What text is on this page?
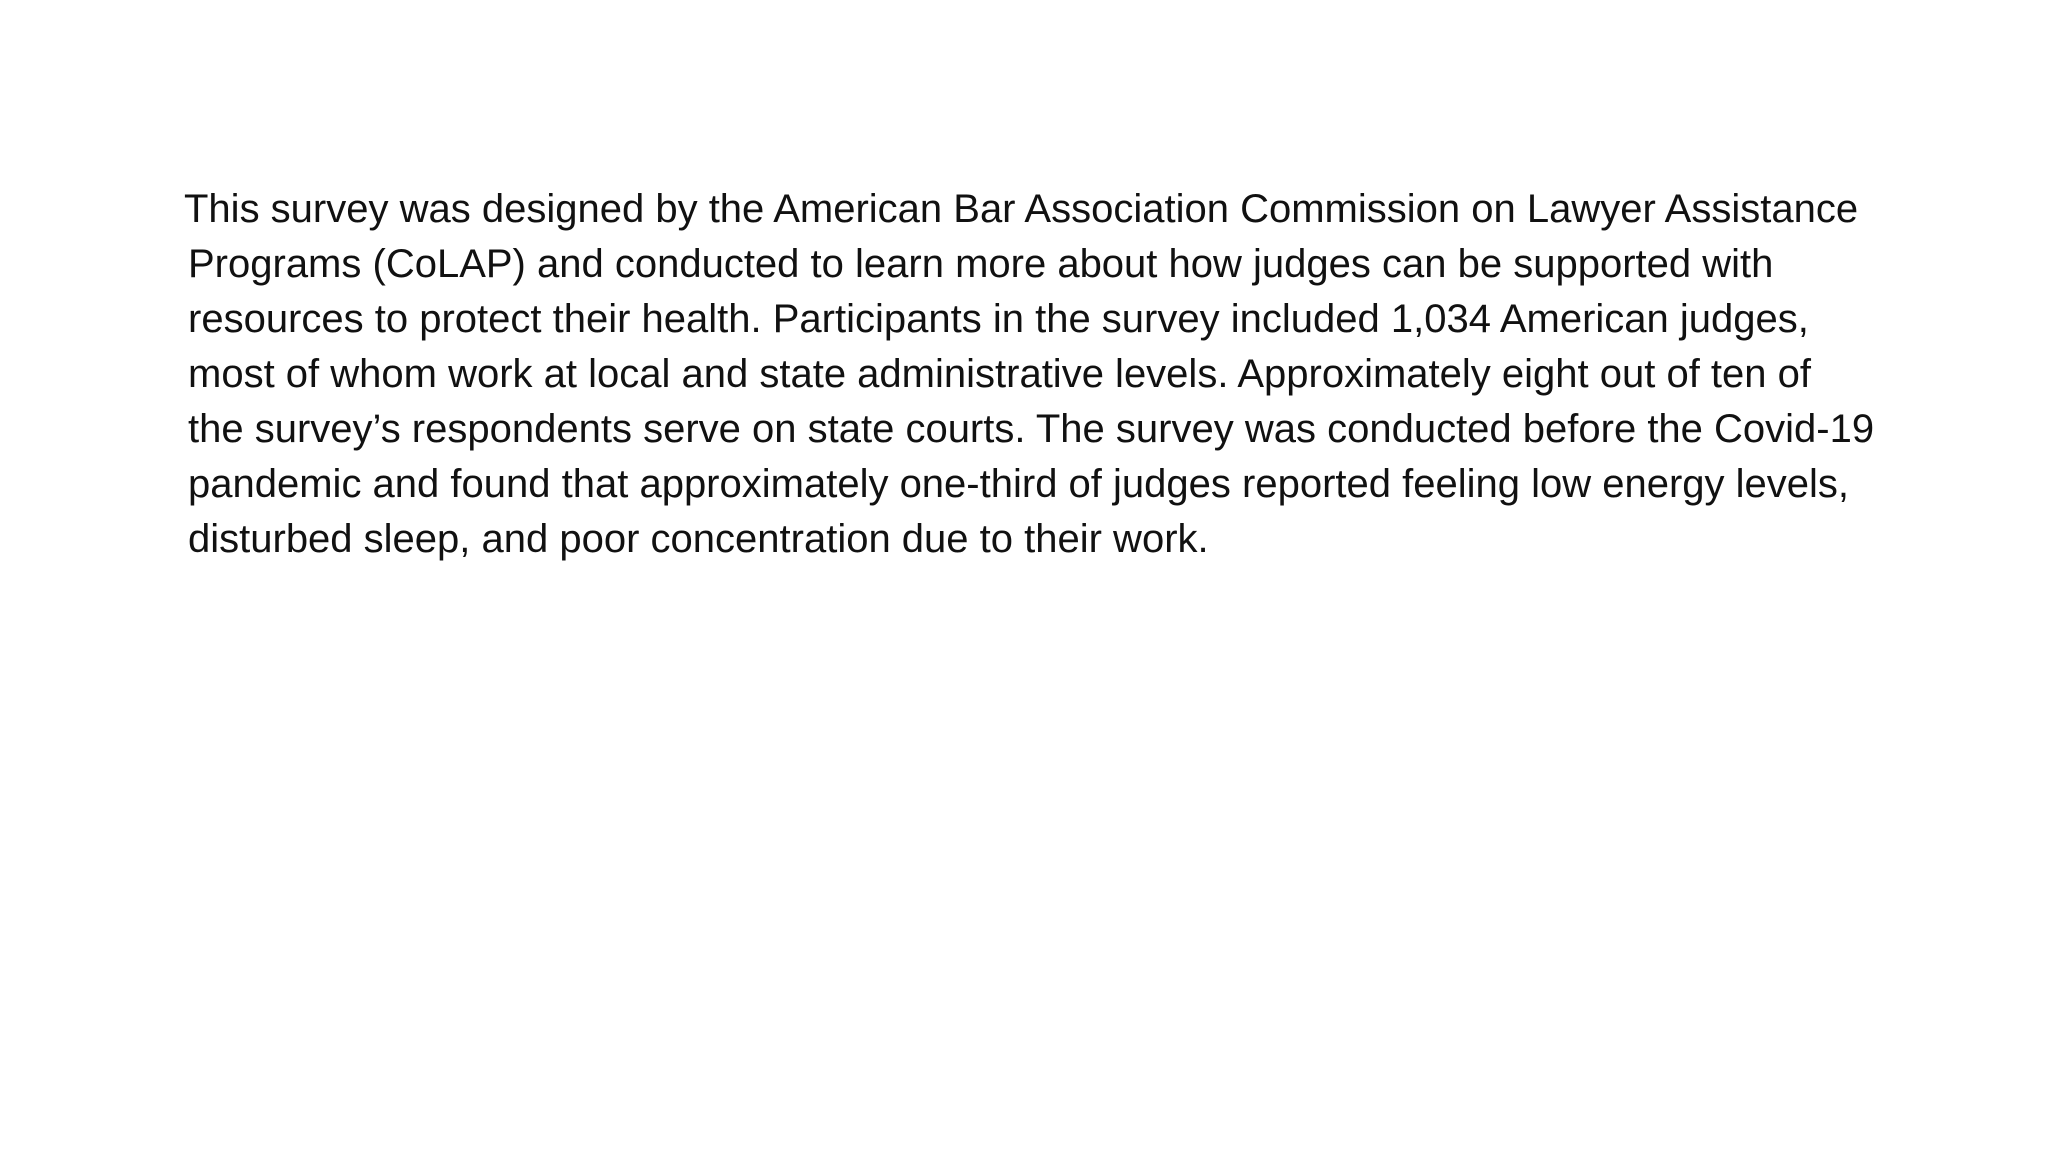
This survey was designed by the American Bar Association Commission on Lawyer Assistance
Programs (CoLAP) and conducted to learn more about how judges can be supported with
resources to protect their health. Participants in the survey included 1,034 American judges,
most of whom work at local and state administrative levels. Approximately eight out of ten of
the survey’s respondents serve on state courts. The survey was conducted before the Covid-19
pandemic and found that approximately one-third of judges reported feeling low energy levels,
disturbed sleep, and poor concentration due to their work.
